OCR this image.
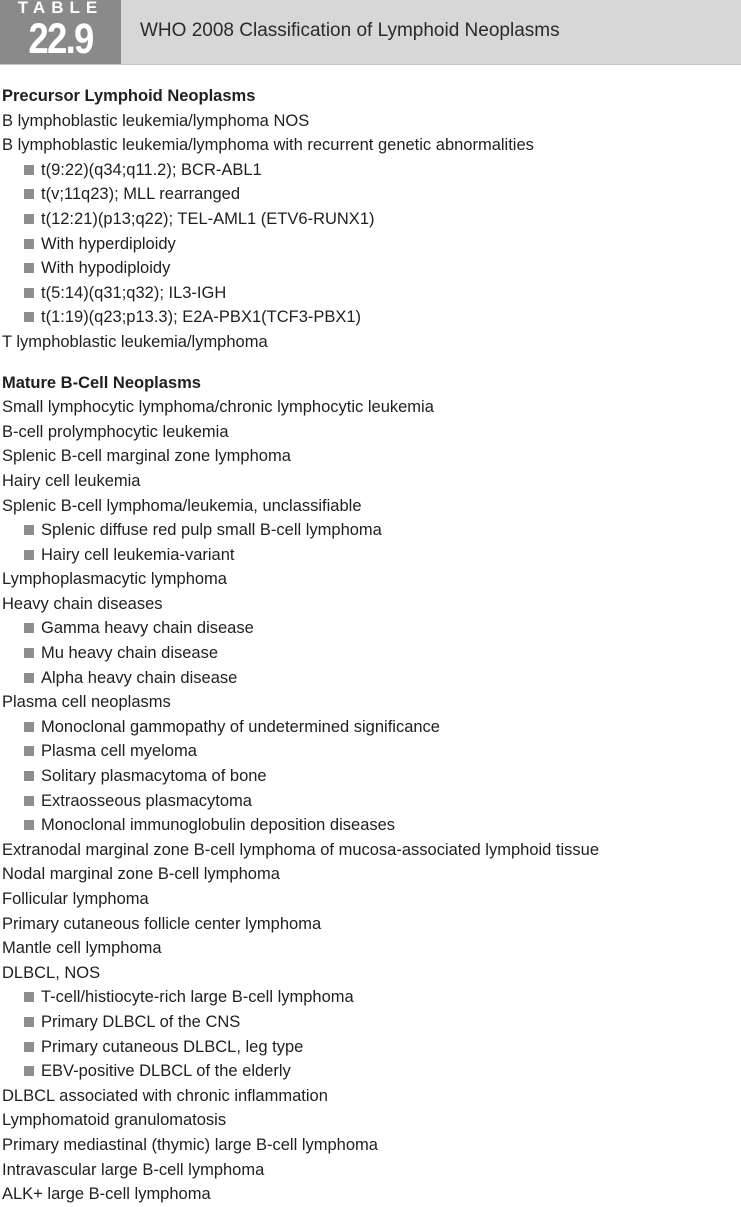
TABLE
22.9	WHO 2008 Classification of Lymphoid Neoplasms
Precursor Lymphoid Neoplasms
B lymphoblastic leukemia/lymphoma NOS
B lymphoblastic leukemia/lymphoma with recurrent genetic abnormalities
t(9:22)(q34;q11.2); BCR-ABL1
t(v;11q23); MLL rearranged
t(12:21)(p13;q22); TEL-AML1 (ETV6-RUNX1)
With hyperdiploidy
With hypodiploidy
t(5:14)(q31;q32); IL3-IGH
t(1:19)(q23;p13.3); E2A-PBX1(TCF3-PBX1)
T lymphoblastic leukemia/lymphoma
Mature B-Cell Neoplasms
Small lymphocytic lymphoma/chronic lymphocytic leukemia
B-cell prolymphocytic leukemia
Splenic B-cell marginal zone lymphoma
Hairy cell leukemia
Splenic B-cell lymphoma/leukemia, unclassifiable
Splenic diffuse red pulp small B-cell lymphoma
Hairy cell leukemia-variant
Lymphoplasmacytic lymphoma
Heavy chain diseases
Gamma heavy chain disease
Mu heavy chain disease
Alpha heavy chain disease
Plasma cell neoplasms
Monoclonal gammopathy of undetermined significance
Plasma cell myeloma
Solitary plasmacytoma of bone
Extraosseous plasmacytoma
Monoclonal immunoglobulin deposition diseases
Extranodal marginal zone B-cell lymphoma of mucosa-associated lymphoid tissue
Nodal marginal zone B-cell lymphoma
Follicular lymphoma
Primary cutaneous follicle center lymphoma
Mantle cell lymphoma
DLBCL, NOS
T-cell/histiocyte-rich large B-cell lymphoma
Primary DLBCL of the CNS
Primary cutaneous DLBCL, leg type
EBV-positive DLBCL of the elderly
DLBCL associated with chronic inflammation
Lymphomatoid granulomatosis
Primary mediastinal (thymic) large B-cell lymphoma
Intravascular large B-cell lymphoma
ALK+ large B-cell lymphoma
